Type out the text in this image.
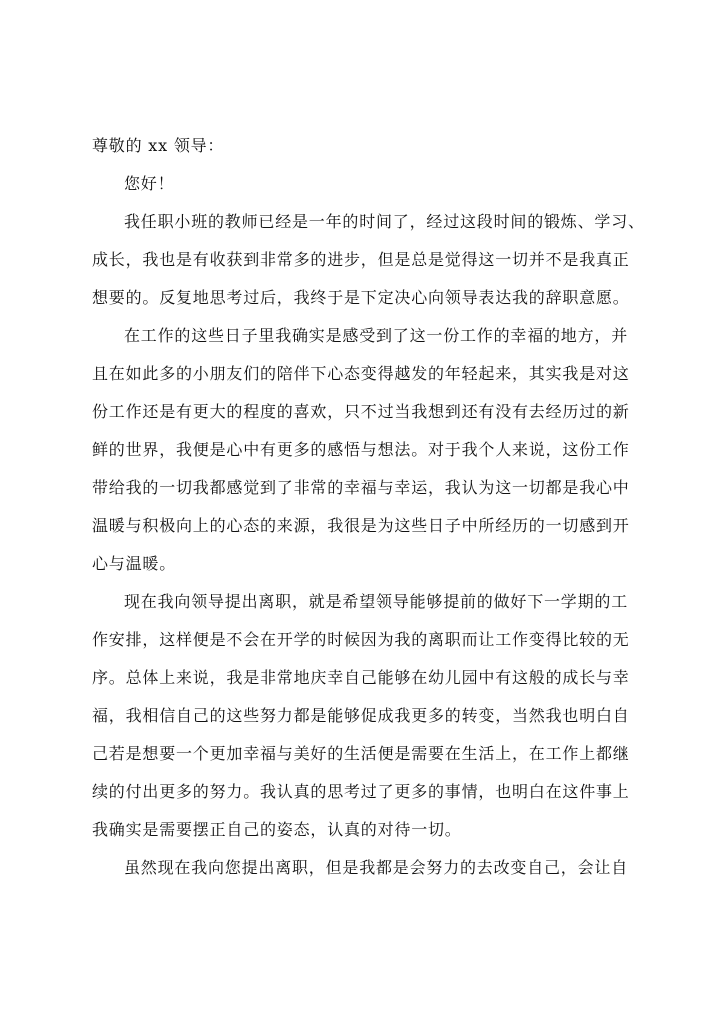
尊敬的 xx 领导：
您好！
我任职小班的教师已经是一年的时间了，经过这段时间的锻炼、学习、
成长，我也是有收获到非常多的进步，但是总是觉得这一切并不是我真正
想要的。反复地思考过后，我终于是下定决心向领导表达我的辞职意愿。
在工作的这些日子里我确实是感受到了这一份工作的幸福的地方，并
且在如此多的小朋友们的陪伴下心态变得越发的年轻起来，其实我是对这
份工作还是有更大的程度的喜欢，只不过当我想到还有没有去经历过的新
鲜的世界，我便是心中有更多的感悟与想法。对于我个人来说，这份工作
带给我的一切我都感觉到了非常的幸福与幸运，我认为这一切都是我心中
温暖与积极向上的心态的来源，我很是为这些日子中所经历的一切感到开
心与温暖。
现在我向领导提出离职，就是希望领导能够提前的做好下一学期的工
作安排，这样便是不会在开学的时候因为我的离职而让工作变得比较的无
序。总体上来说，我是非常地庆幸自己能够在幼儿园中有这般的成长与幸
福，我相信自己的这些努力都是能够促成我更多的转变，当然我也明白自
己若是想要一个更加幸福与美好的生活便是需要在生活上，在工作上都继
续的付出更多的努力。我认真的思考过了更多的事情，也明白在这件事上
我确实是需要摆正自己的姿态，认真的对待一切。
虽然现在我向您提出离职，但是我都是会努力的去改变自己，会让自
